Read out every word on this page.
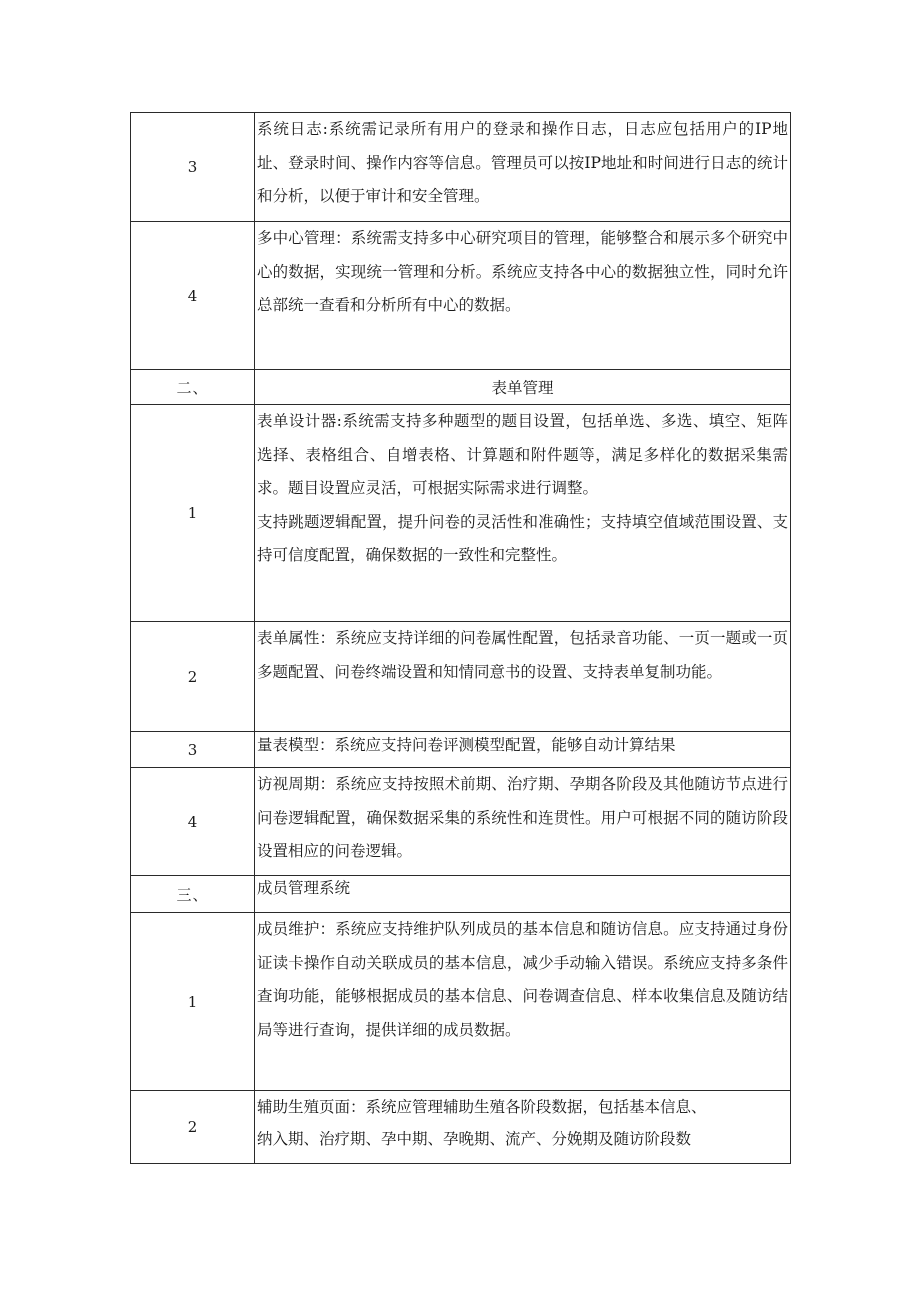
3	系统日志:系统需记录所有用户的登录和操作日志，日志应包括用户的IP地址、登录时间、操作内容等信息。管理员可以按IP地址和时间进行日志的统计和分析，以便于审计和安全管理。

4	多中心管理：系统需支持多中心研究项目的管理，能够整合和展示多个研究中心的数据，实现统一管理和分析。系统应支持各中心的数据独立性，同时允许总部统一查看和分析所有中心的数据。

二、	表单管理
1	表单设计器:系统需支持多种题型的题目设置，包括单选、多选、填空、矩阵选择、表格组合、自增表格、计算题和附件题等，满足多样化的数据采集需求。题目设置应灵活，可根据实际需求进行调整。
支持跳题逻辑配置，提升问卷的灵活性和准确性；支持填空值域范围设置、支持可信度配置，确保数据的一致性和完整性。

2	表单属性：系统应支持详细的问卷属性配置，包括录音功能、一页一题或一页多题配置、问卷终端设置和知情同意书的设置、支持表单复制功能。

3	量表模型：系统应支持问卷评测模型配置，能够自动计算结果

4	访视周期：系统应支持按照术前期、治疗期、孕期各阶段及其他随访节点进行问卷逻辑配置，确保数据采集的系统性和连贯性。用户可根据不同的随访阶段设置相应的问卷逻辑。

三、	成员管理系统

1	成员维护：系统应支持维护队列成员的基本信息和随访信息。应支持通过身份证读卡操作自动关联成员的基本信息，减少手动输入错误。系统应支持多条件查询功能，能够根据成员的基本信息、问卷调查信息、样本收集信息及随访结局等进行查询，提供详细的成员数据。

2	辅助生殖页面：系统应管理辅助生殖各阶段数据，包括基本信息、
纳入期、治疗期、孕中期、孕晚期、流产、分娩期及随访阶段数
